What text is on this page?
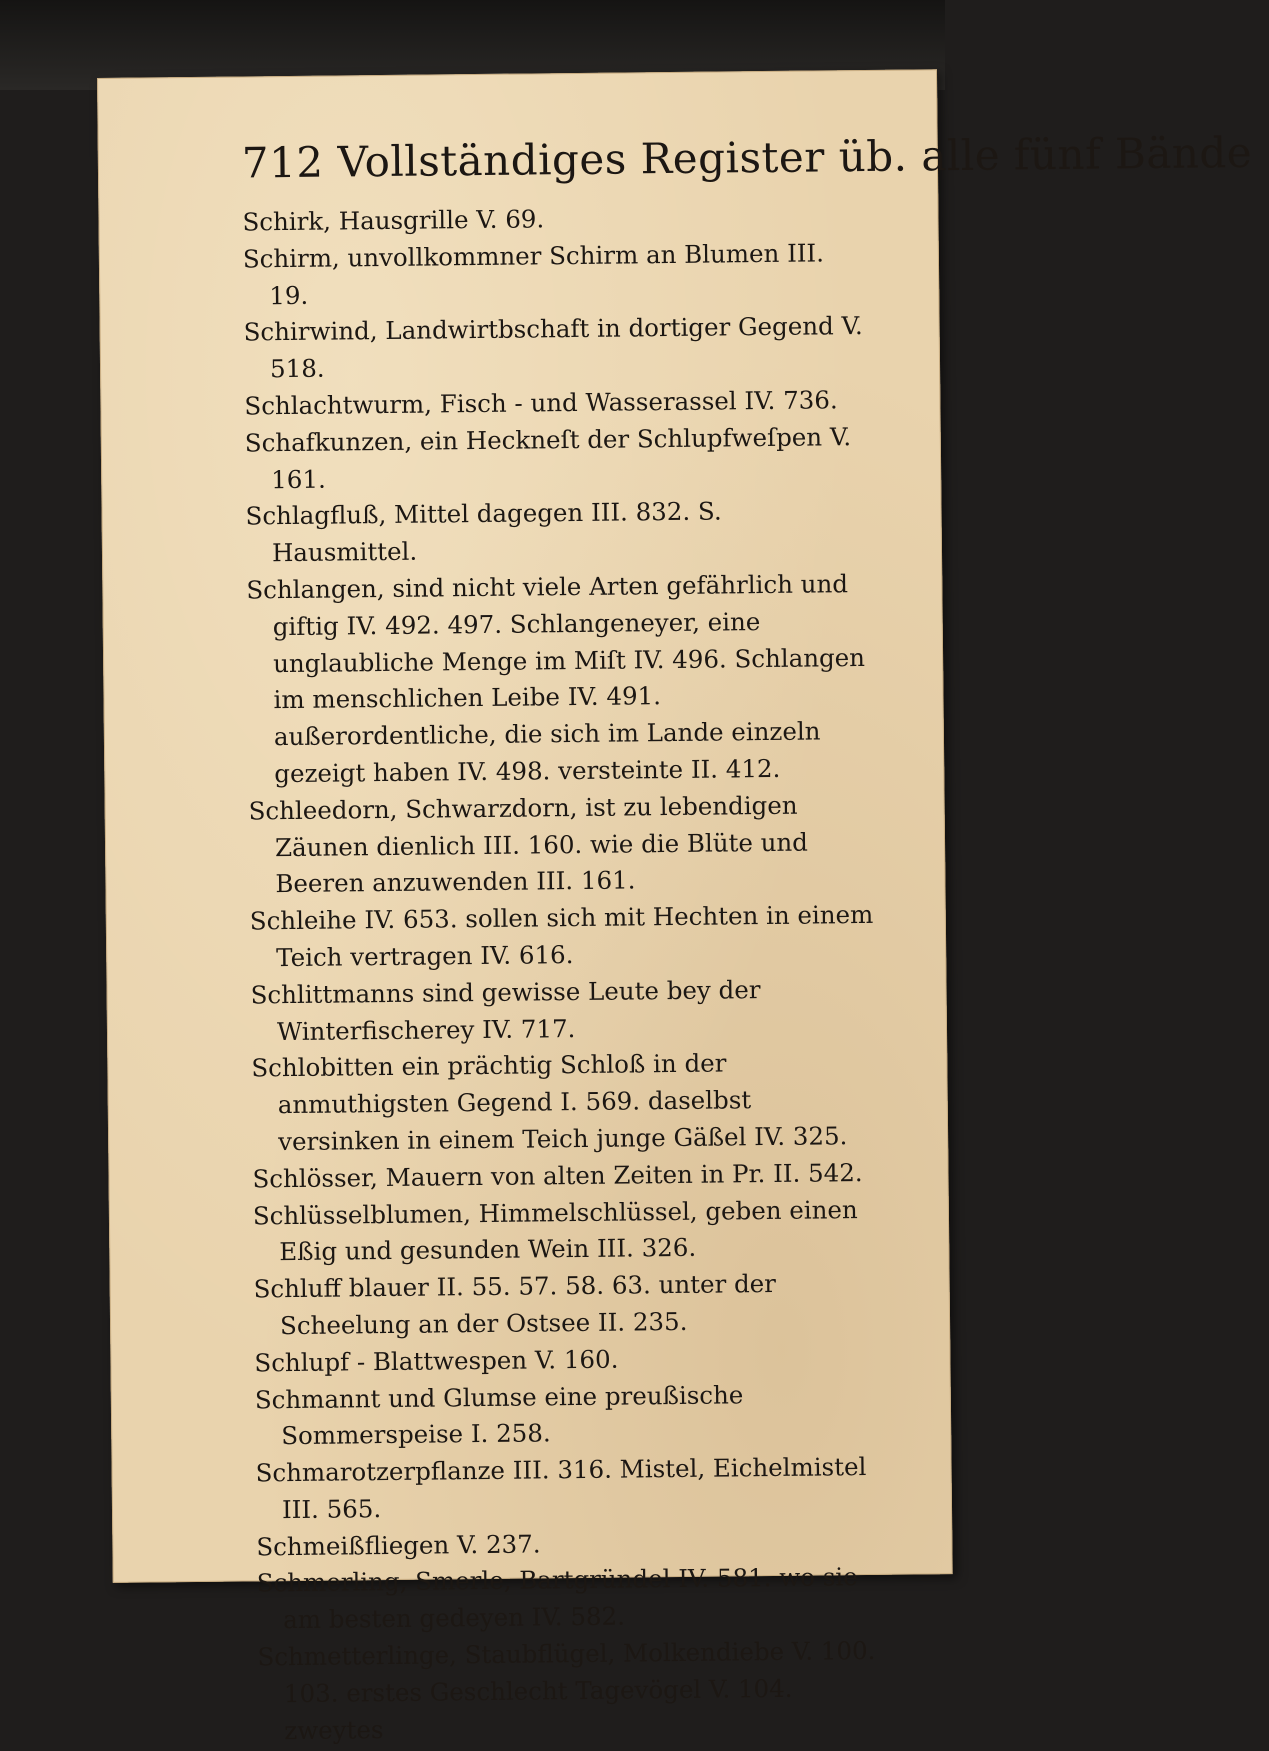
712 Vollständiges Register üb. alle fünf Bände

Schirk, Hausgrille V. 69.

Schirm, unvollkommner Schirm an Blumen III. 19.

Schirwind, Landwirtbschaft in dortiger Gegend V. 518.

Schlachtwurm, Fisch - und Wasserassel IV. 736.

Schafkunzen, ein Heckneſt der Schlupfweſpen V. 161.

Schlagfluß, Mittel dagegen III. 832. S. Hausmittel.

Schlangen, sind nicht viele Arten gefährlich und giftig IV. 492. 497. Schlangeneyer, eine unglaubliche Menge im Miſt IV. 496. Schlangen im menschlichen Leibe IV. 491. außerordentliche, die sich im Lande einzeln gezeigt haben IV. 498. versteinte II. 412.

Schleedorn, Schwarzdorn, ist zu lebendigen Zäunen dienlich III. 160. wie die Blüte und Beeren anzuwenden III. 161.

Schleihe IV. 653. sollen sich mit Hechten in einem Teich vertragen IV. 616.

Schlittmanns sind gewisse Leute bey der Winterfischerey IV. 717.

Schlobitten ein prächtig Schloß in der anmuthigsten Gegend I. 569. daselbst versinken in einem Teich junge Gäßel IV. 325.

Schlösser, Mauern von alten Zeiten in Pr. II. 542.

Schlüsselblumen, Himmelschlüssel, geben einen Eßig und gesunden Wein III. 326.

Schluff blauer II. 55. 57. 58. 63. unter der Scheelung an der Ostsee II. 235.

Schlupf - Blattwespen V. 160.

Schmannt und Glumse eine preußische Sommerspeise I. 258.

Schmarotzerpflanze III. 316. Mistel, Eichelmistel III. 565.

Schmeißfliegen V. 237.

Schmerling, Smerle, Bartgründel IV. 581. wo sie am besten gedeyen IV. 582.

Schmetterlinge, Staubflügel, Molkendiebe V. 100. 103. erstes Geschlecht Tagevögel V. 104. zweytes
